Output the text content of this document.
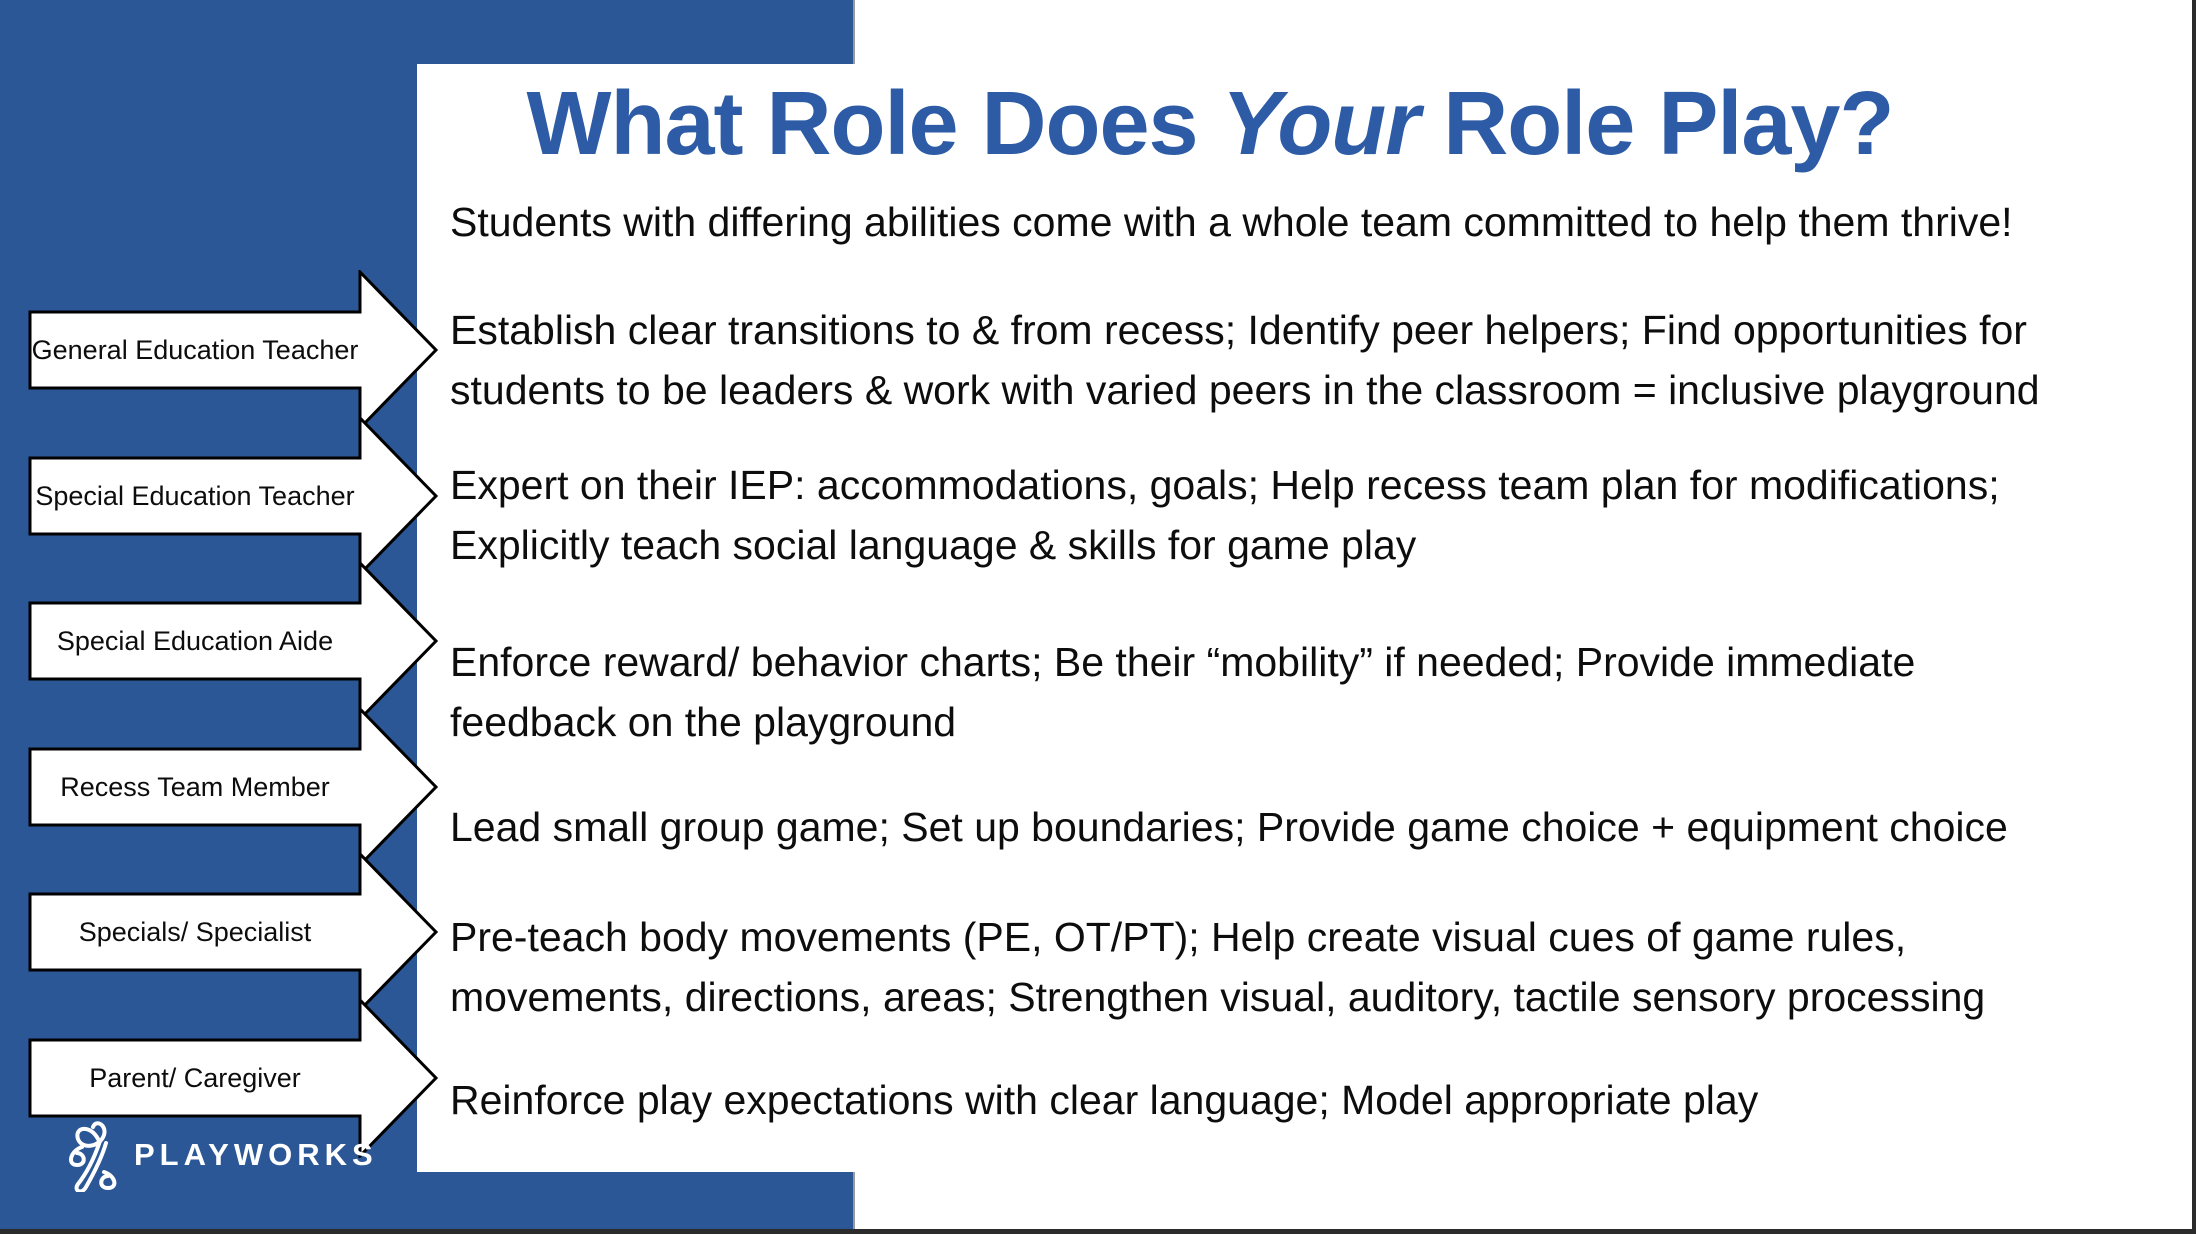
What Role Does Your Role Play?
Students with differing abilities come with a whole team committed to help them thrive!
General Education Teacher
Special Education Teacher
Special Education Aide
Recess Team Member
Specials/ Specialist
Parent/ Caregiver
Establish clear transitions to & from recess; Identify peer helpers; Find opportunities for
students to be leaders & work with varied peers in the classroom = inclusive playground
Expert on their IEP: accommodations, goals; Help recess team plan for modifications;
Explicitly teach social language & skills for game play
Enforce reward/ behavior charts; Be their “mobility” if needed; Provide immediate
feedback on the playground
Lead small group game; Set up boundaries; Provide game choice + equipment choice
Pre-teach body movements (PE, OT/PT); Help create visual cues of game rules,
movements, directions, areas; Strengthen visual, auditory, tactile sensory processing
Reinforce play expectations with clear language; Model appropriate play
PLAYWORKS
